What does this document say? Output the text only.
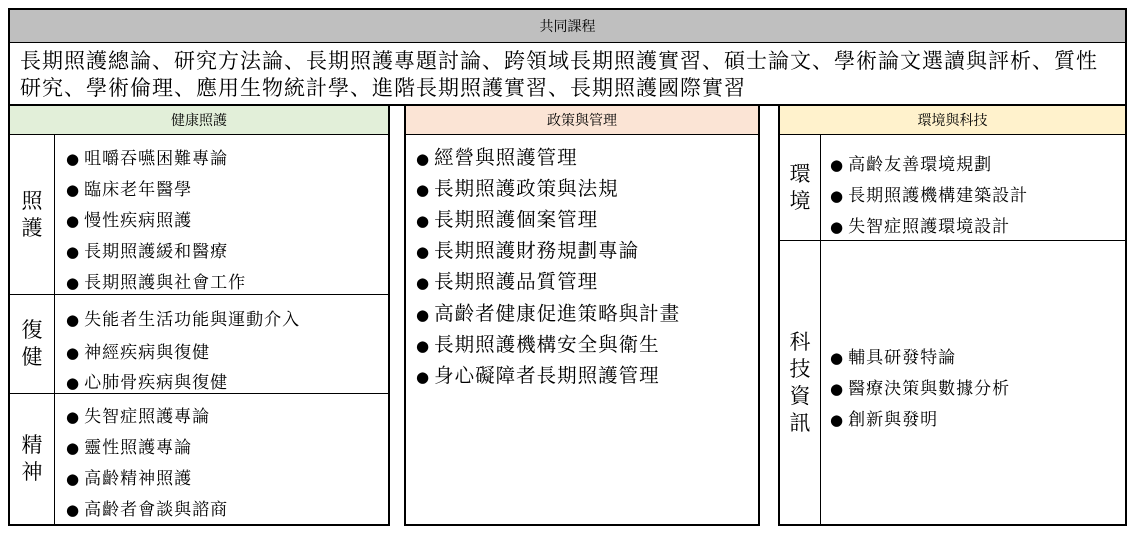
共同課程
長期照護總論、研究方法論、長期照護專題討論、跨領域長期照護實習、碩士論文、學術論文選讀與評析、質性研究、學術倫理、應用生物統計學、進階長期照護實習、長期照護國際實習
健康照護
照
護
● 咀嚼吞嚥困難專論
● 臨床老年醫學
● 慢性疾病照護
● 長期照護緩和醫療
● 長期照護與社會工作
復
健
● 失能者生活功能與運動介入
● 神經疾病與復健
● 心肺骨疾病與復健
精
神
● 失智症照護專論
● 靈性照護專論
● 高齡精神照護
● 高齡者會談與諮商
政策與管理
● 經營與照護管理
● 長期照護政策與法規
● 長期照護個案管理
● 長期照護財務規劃專論
● 長期照護品質管理
● 高齡者健康促進策略與計畫
● 長期照護機構安全與衛生
● 身心礙障者長期照護管理
環境與科技
環
境
● 高齡友善環境規劃
● 長期照護機構建築設計
● 失智症照護環境設計
科
技
資
訊
● 輔具研發特論
● 醫療決策與數據分析
● 創新與發明
